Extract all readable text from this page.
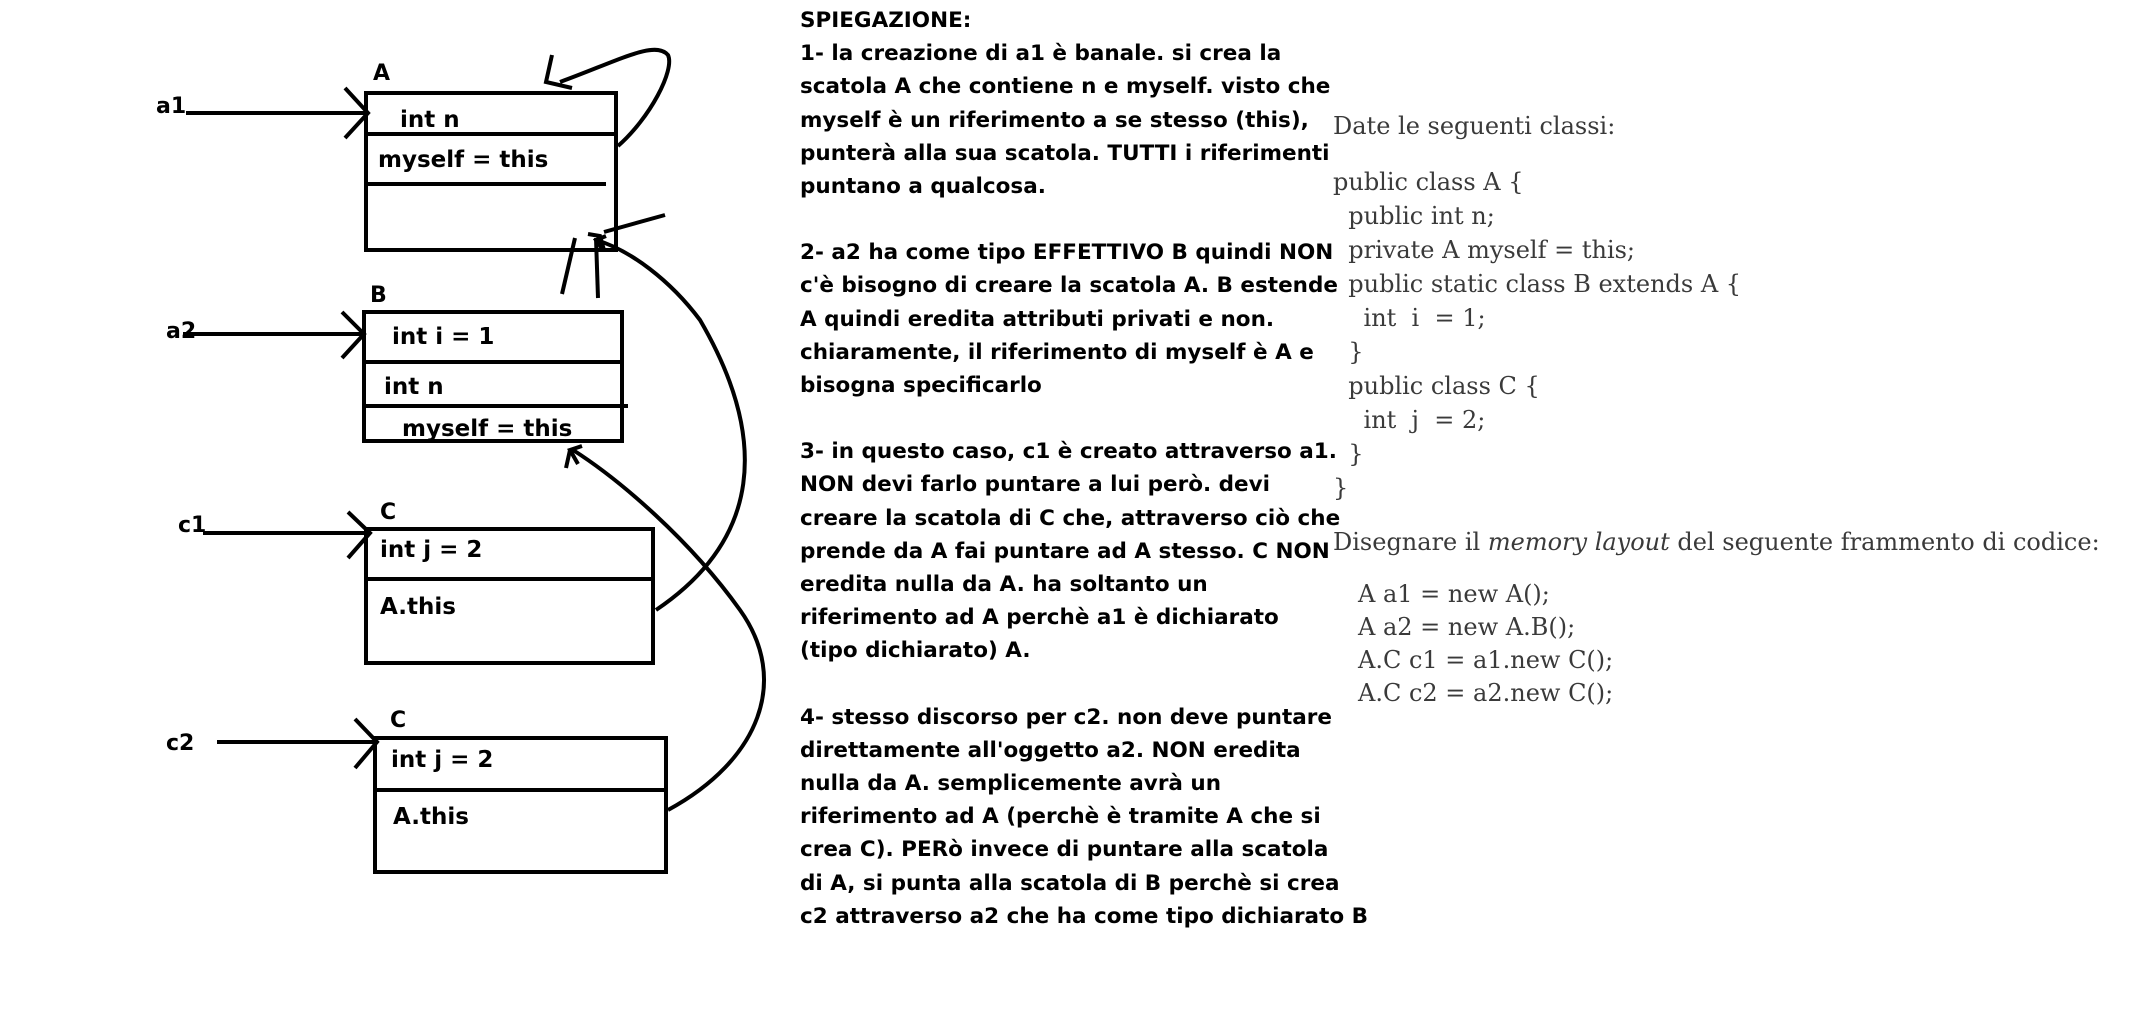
a1
a2
c1
c2
A
int n
myself = this
B
int i = 1
int n
myself = this
C
int j = 2
A.this
C
int j = 2
A.this
SPIEGAZIONE:
1- la creazione di a1 è banale. si crea la
scatola A che contiene n e myself. visto che
myself è un riferimento a se stesso (this),
punterà alla sua scatola. TUTTI i riferimenti
puntano a qualcosa.
2- a2 ha come tipo EFFETTIVO B quindi NON
c'è bisogno di creare la scatola A. B estende
A quindi eredita attributi privati e non.
chiaramente, il riferimento di myself è A e
bisogna specificarlo
3- in questo caso, c1 è creato attraverso a1.
NON devi farlo puntare a lui però. devi
creare la scatola di C che, attraverso ciò che
prende da A fai puntare ad A stesso. C NON
eredita nulla da A. ha soltanto un
riferimento ad A perchè a1 è dichiarato
(tipo dichiarato) A.
4- stesso discorso per c2. non deve puntare
direttamente all'oggetto a2. NON eredita
nulla da A. semplicemente avrà un
riferimento ad A (perchè è tramite A che si
crea C). PERò invece di puntare alla scatola
di A, si punta alla scatola di B perchè si crea
c2 attraverso a2 che ha come tipo dichiarato B
Date le seguenti classi:
public class A {
public int n;
private A myself = this;
public static class B extends A {
int  i  = 1;
}
public class C {
int  j  = 2;
}
}
Disegnare il memory layout del seguente frammento di codice:
A a1 = new A();
A a2 = new A.B();
A.C c1 = a1.new C();
A.C c2 = a2.new C();
